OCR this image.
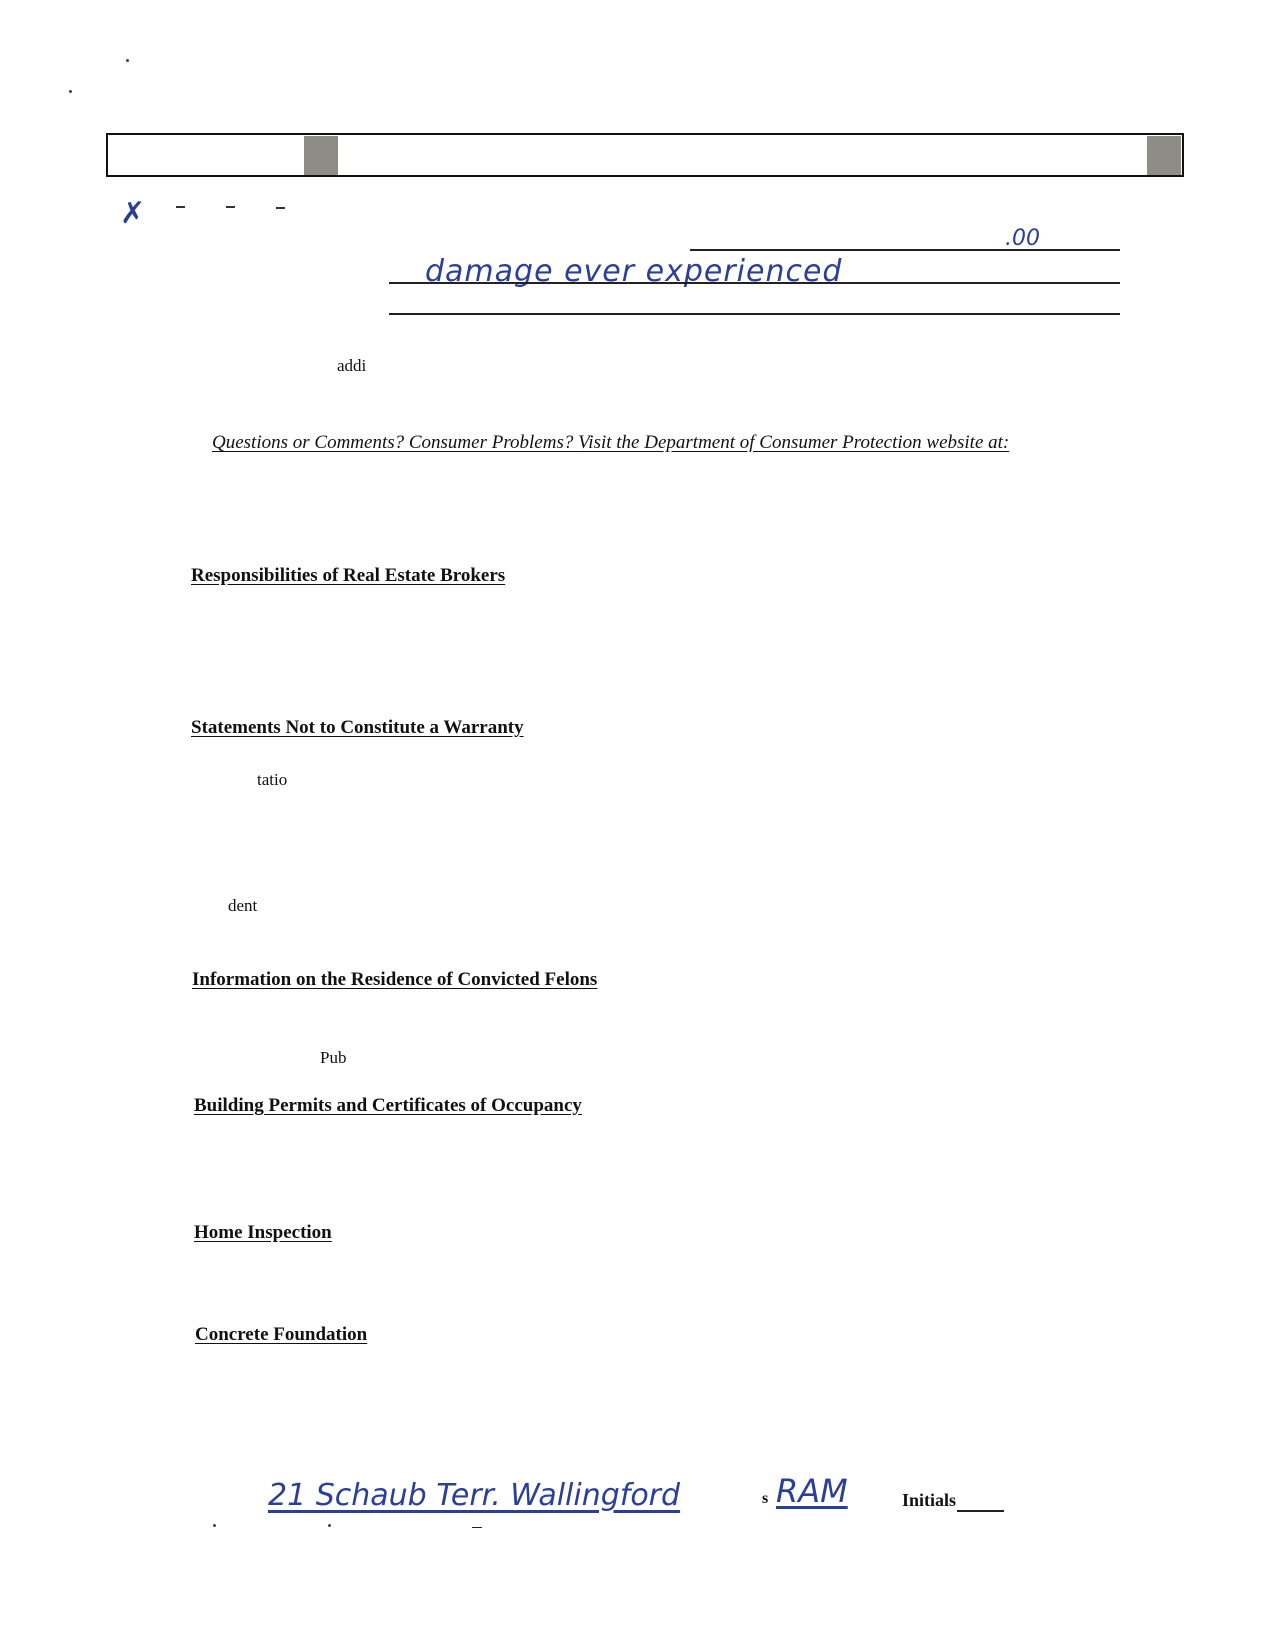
✗
.00
damage ever experienced
addi
Questions or Comments? Consumer Problems? Visit the Department of Consumer Protection website at:
Responsibilities of Real Estate Brokers
Statements Not to Constitute a Warranty
tatio
dent
Information on the Residence of Convicted Felons
Pub
Building Permits and Certificates of Occupancy
Home Inspection
Concrete Foundation
21 Schaub Terr. Wallingford	s RAM	Initials
